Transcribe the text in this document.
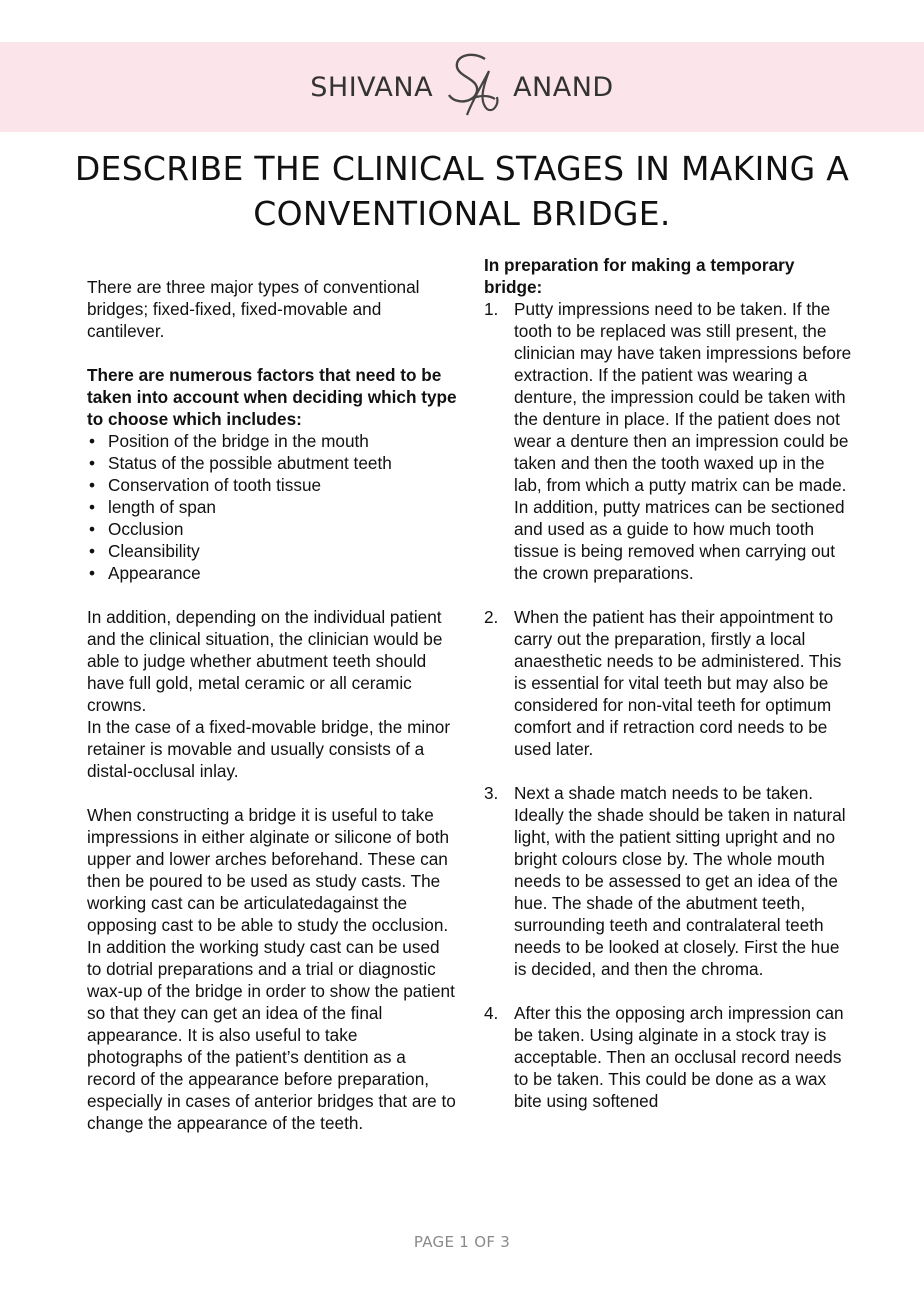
SHIVANA	ANAND
DESCRIBE THE CLINICAL STAGES IN MAKING A CONVENTIONAL BRIDGE.

There are three major types of conventional bridges; fixed-fixed, fixed-movable and cantilever.

There are numerous factors that need to be taken into account when deciding which type to choose which includes:

• Position of the bridge in the mouth
• Status of the possible abutment teeth
• Conservation of tooth tissue
• length of span
• Occlusion
• Cleansibility
• Appearance

In addition, depending on the individual patient and the clinical situation, the clinician would be able to judge whether abutment teeth should have full gold, metal ceramic or all ceramic crowns.

In the case of a fixed-movable bridge, the minor retainer is movable and usually consists of a distal-occlusal inlay.

When constructing a bridge it is useful to take impressions in either alginate or silicone of both upper and lower arches beforehand. These can then be poured to be used as study casts. The working cast can be articulatedagainst the opposing cast to be able to study the occlusion. In addition the working study cast can be used to dotrial preparations and a trial or diagnostic wax-up of the bridge in order to show the patient so that they can get an idea of the final appearance. It is also useful to take photographs of the patient’s dentition as a record of the appearance before preparation, especially in cases of anterior bridges that are to change the appearance of the teeth.

In preparation for making a temporary bridge:

1. Putty impressions need to be taken. If the tooth to be replaced was still present, the clinician may have taken impressions before extraction. If the patient was wearing a denture, the impression could be taken with the denture in place. If the patient does not wear a denture then an impression could be taken and then the tooth waxed up in the lab, from which a putty matrix can be made. In addition, putty matrices can be sectioned and used as a guide to how much tooth tissue is being removed when carrying out the crown preparations.
2. When the patient has their appointment to carry out the preparation, firstly a local anaesthetic needs to be administered. This is essential for vital teeth but may also be considered for non-vital teeth for optimum comfort and if retraction cord needs to be used later.
3. Next a shade match needs to be taken. Ideally the shade should be taken in natural light, with the patient sitting upright and no bright colours close by. The whole mouth needs to be assessed to get an idea of the hue. The shade of the abutment teeth, surrounding teeth and contralateral teeth needs to be looked at closely. First the hue is decided, and then the chroma.
4. After this the opposing arch impression can be taken. Using alginate in a stock tray is acceptable. Then an occlusal record needs to be taken. This could be done as a wax bite using softened
PAGE 1 OF 3
